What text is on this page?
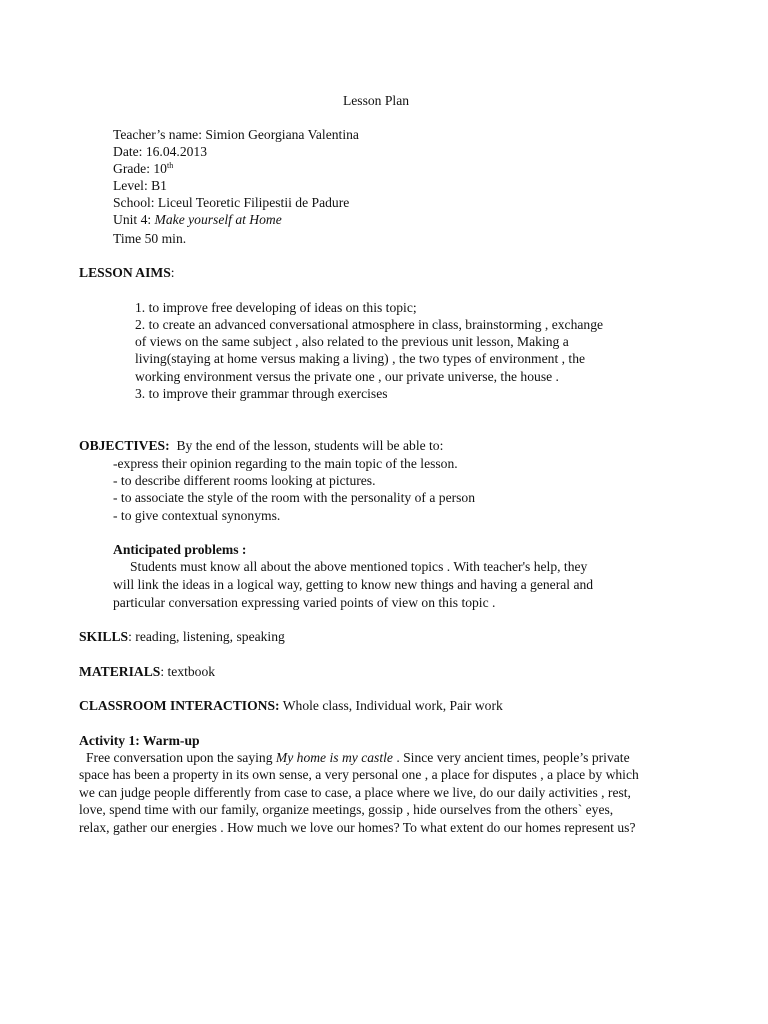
Lesson Plan
Teacher’s name: Simion Georgiana Valentina
Date: 16.04.2013
Grade: 10th
Level: B1
School: Liceul Teoretic Filipestii de Padure
Unit 4: Make yourself at Home
Time 50 min.
LESSON AIMS:
1. to improve free developing of ideas on this topic;
2. to create an advanced conversational atmosphere in class, brainstorming , exchange
of views on the same subject , also related to the previous unit lesson, Making a
living(staying at home versus making a living) , the two types of environment , the
working environment versus the private one , our private universe, the house .
3. to improve their grammar through exercises
OBJECTIVES: By the end of the lesson, students will be able to:
-express their opinion regarding to the main topic of the lesson.
- to describe different rooms looking at pictures.
- to associate the style of the room with the personality of a person
- to give contextual synonyms.
Anticipated problems :
Students must know all about the above mentioned topics . With teacher's help, they
will link the ideas in a logical way, getting to know new things and having a general and
particular conversation expressing varied points of view on this topic .
SKILLS: reading, listening, speaking
MATERIALS: textbook
CLASSROOM INTERACTIONS: Whole class, Individual work, Pair work
Activity 1: Warm-up
Free conversation upon the saying My home is my castle . Since very ancient times, people’s private
space has been a property in its own sense, a very personal one , a place for disputes , a place by which
we can judge people differently from case to case, a place where we live, do our daily activities , rest,
love, spend time with our family, organize meetings, gossip , hide ourselves from the others` eyes,
relax, gather our energies . How much we love our homes? To what extent do our homes represent us?
